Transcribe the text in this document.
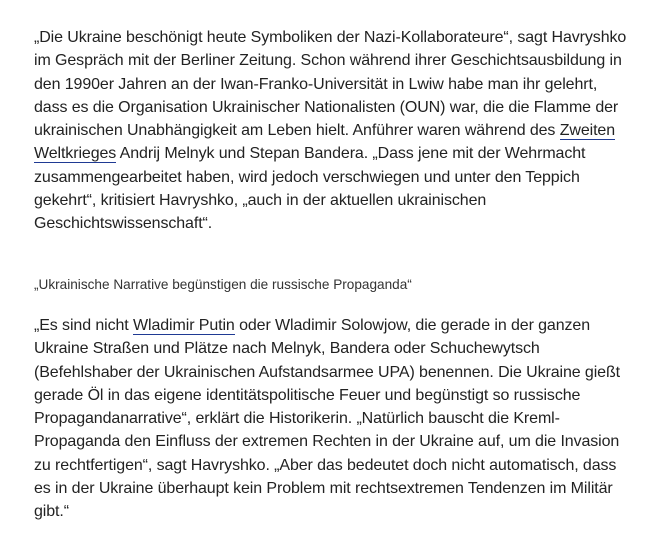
„Die Ukraine beschönigt heute Symboliken der Nazi-Kollaborateure“, sagt Havryshko im Gespräch mit der Berliner Zeitung. Schon während ihrer Geschichtsausbildung in den 1990er Jahren an der Iwan-Franko-Universität in Lwiw habe man ihr gelehrt, dass es die Organisation Ukrainischer Nationalisten (OUN) war, die die Flamme der ukrainischen Unabhängigkeit am Leben hielt. Anführer waren während des Zweiten Weltkrieges Andrij Melnyk und Stepan Bandera. „Dass jene mit der Wehrmacht zusammengearbeitet haben, wird jedoch verschwiegen und unter den Teppich gekehrt“, kritisiert Havryshko, „auch in der aktuellen ukrainischen Geschichtswissenschaft“.

„Ukrainische Narrative begünstigen die russische Propaganda“

„Es sind nicht Wladimir Putin oder Wladimir Solowjow, die gerade in der ganzen Ukraine Straßen und Plätze nach Melnyk, Bandera oder Schuchewytsch (Befehlshaber der Ukrainischen Aufstandsarmee UPA) benennen. Die Ukraine gießt gerade Öl in das eigene identitätspolitische Feuer und begünstigt so russische Propagandanarrative“, erklärt die Historikerin. „Natürlich bauscht die Kreml-Propaganda den Einfluss der extremen Rechten in der Ukraine auf, um die Invasion zu rechtfertigen“, sagt Havryshko. „Aber das bedeutet doch nicht automatisch, dass es in der Ukraine überhaupt kein Problem mit rechtsextremen Tendenzen im Militär gibt.“
